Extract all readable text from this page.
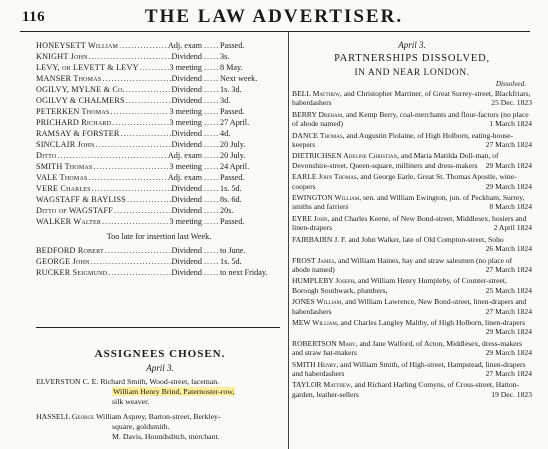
116	THE LAW ADVERTISER.
HONEYSETT William .....	Adj. exam ..... Passed.
KNIGHT John .....	Dividend ..... 3s.
LEVY, or LEVETT & LEVY .....	3 meeting ..... 8 May.
MANSER Thomas .....	Dividend ..... Next week.
OGILVY, MYLNE & Co. .....	Dividend ..... 1s. 3d.
OGILVY & CHALMERS .....	Dividend ..... 3d.
PETERKEN Thomas .....	3 meeting ..... Passed.
PRICHARD Richard .....	3 meeting ..... 27 April.
RAMSAY & FORSTER .....	Dividend ..... 4d.
SINCLAIR John .....	Dividend ..... 20 July.
Ditto .....	Adj. exam ..... 20 July.
SMITH Thomas .....	3 meeting ..... 24 April.
VALE Thomas .....	Adj. exam ..... Passed.
VERE Charles .....	Dividend ..... 1s. 5d.
WAGSTAFF & BAYLISS .....	Dividend ..... 8s. 6d.
Ditto of WAGSTAFF .....	Dividend ..... 20s.
WALKER Walter .....	3 meeting ..... Passed.
Too late for insertion last Week.
BEDFORD Robert .....	Dividend ..... to June.
GEORGE John .....	Dividend ..... 1s. 5d.
RUCKER Seigmund .....	Dividend ..... to next Friday.
ASSIGNEES CHOSEN.
April 3.
ELVERSTON C. E. Richard Smith, Wood-street, laceman.
William Henry Brind, Paternoster-row,
silk weaver.
HASSELL George William Asprey, Barton-street, Berkley-
square, goldsmith.
M. Davis, Houndsditch, merchant.
April 3.
PARTNERSHIPS DISSOLVED,
IN AND NEAR LONDON.
Dissolved.
BELL Matthew, and Christopher Marriner, of Great Surrey-street, Blackfriars, haberdashers	25 Dec. 1823
BERRY Dreham, and Kemp Berry, coal-merchants and flour-factors (no place of abode named)	1 March 1824
DANCE Thomas, and Augustin Piolaine, of High Holborn, eating-house-keepers	27 March 1824
DIETRICHSEN Adeline Christian, and Maria Matilda Doll-man, of Devonshire-street, Queen-square, milliners and dress-makers 29 March 1824
EARLE John Thomas, and George Earle, Great St. Thomas Apostle, wine-coopers	29 March 1824
EWINGTON William, sen. and William Ewington, jun. of Peckham, Surrey, smiths and farriers	8 March 1824
EYRE John, and Charles Keene, of New Bond-street, Middlesex, hosiers and linen-drapers	2 April 1824
FAIRBAIRN J. F. and John Walker, late of Old Compton-street, Soho
26 March 1824
FROST James, and William Haines, hay and straw salesmen (no place of abode named)	27 March 1824
HUMPLEBY Joseph, and William Henry Humpleby, of Counter-street, Borough Southwark, plumbers,	25 March 1824
JONES William, and William Lawrence, New Bond-street, linen-drapers and haberdashers	27 March 1824
MEW William, and Charles Langley Maltby, of High Holborn, linen-drapers
29 March 1824
ROBERTSON Mary, and Jane Walford, of Acton, Middlesex, dress-makers and straw hat-makers	29 March 1824
SMITH Henry, and William Smith, of High-street, Hampstead, linen-drapers and haberdashers	27 March 1824
TAYLOR Matthew, and Richard Harling Comyns, of Cross-street, Hatton-garden, leather-sellers	19 Dec. 1823
